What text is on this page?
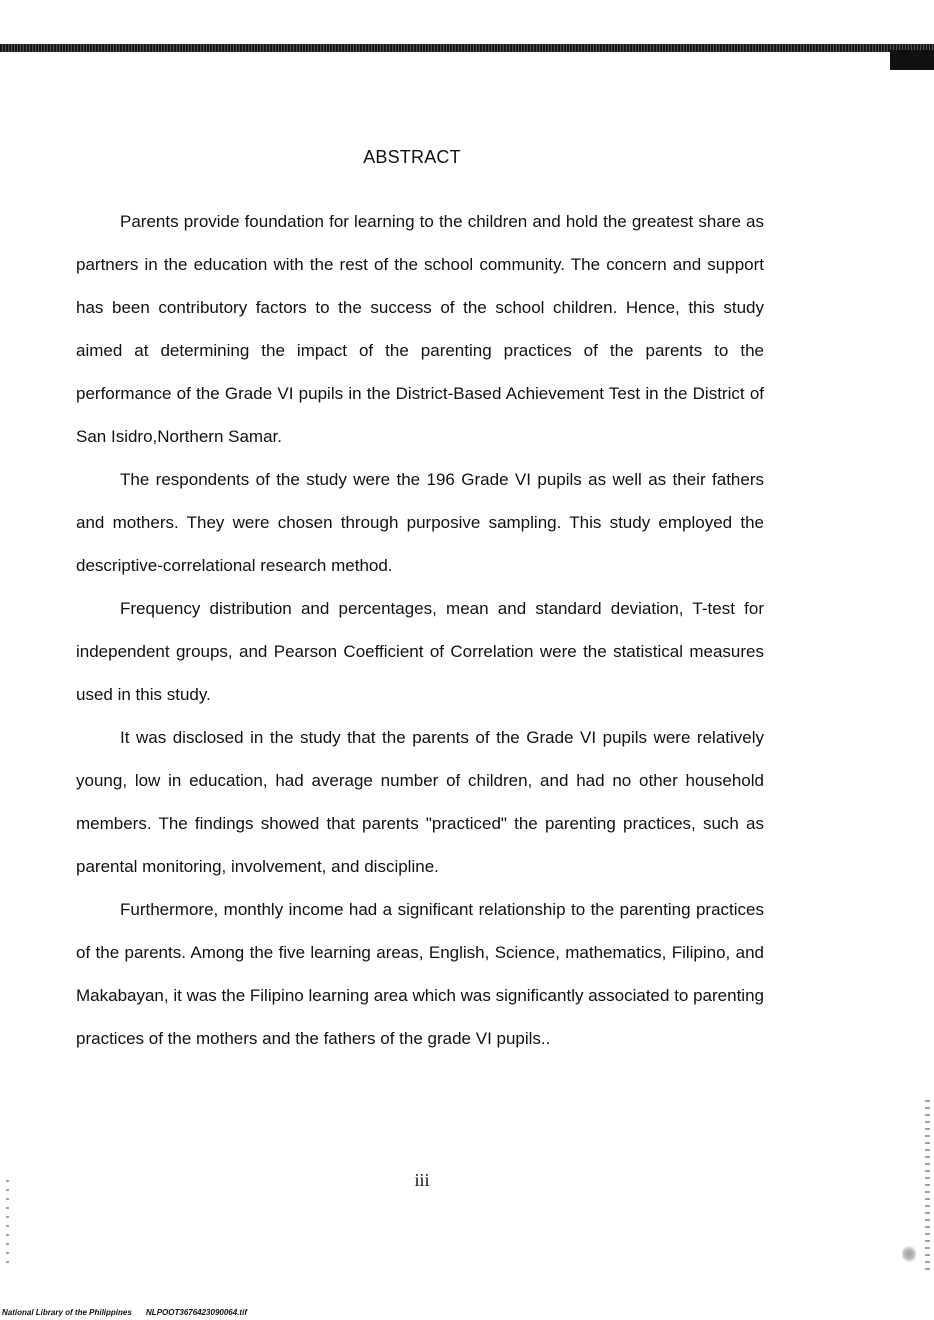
ABSTRACT

Parents provide foundation for learning to the children and hold the greatest share as partners in the education with the rest of the school community. The concern and support has been contributory factors to the success of the school children. Hence, this study aimed at determining the impact of the parenting practices of the parents to the performance of the Grade VI pupils in the District-Based Achievement Test in the District of San Isidro,Northern Samar.

The respondents of the study were the 196 Grade VI pupils as well as their fathers and mothers. They were chosen through purposive sampling. This study employed the descriptive-correlational research method.

Frequency distribution and percentages, mean and standard deviation, T-test for independent groups, and Pearson Coefficient of Correlation were the statistical measures used in this study.

It was disclosed in the study that the parents of the Grade VI pupils were relatively young, low in education, had average number of children, and had no other household members. The findings showed that parents "practiced" the parenting practices, such as parental monitoring, involvement, and discipline.

Furthermore, monthly income had a significant relationship to the parenting practices of the parents. Among the five learning areas, English, Science, mathematics, Filipino, and Makabayan, it was the Filipino learning area which was significantly associated to parenting practices of the mothers and the fathers of the grade VI pupils..

iii
National Library of the Philippines NLPOOT3676423090064.tif
